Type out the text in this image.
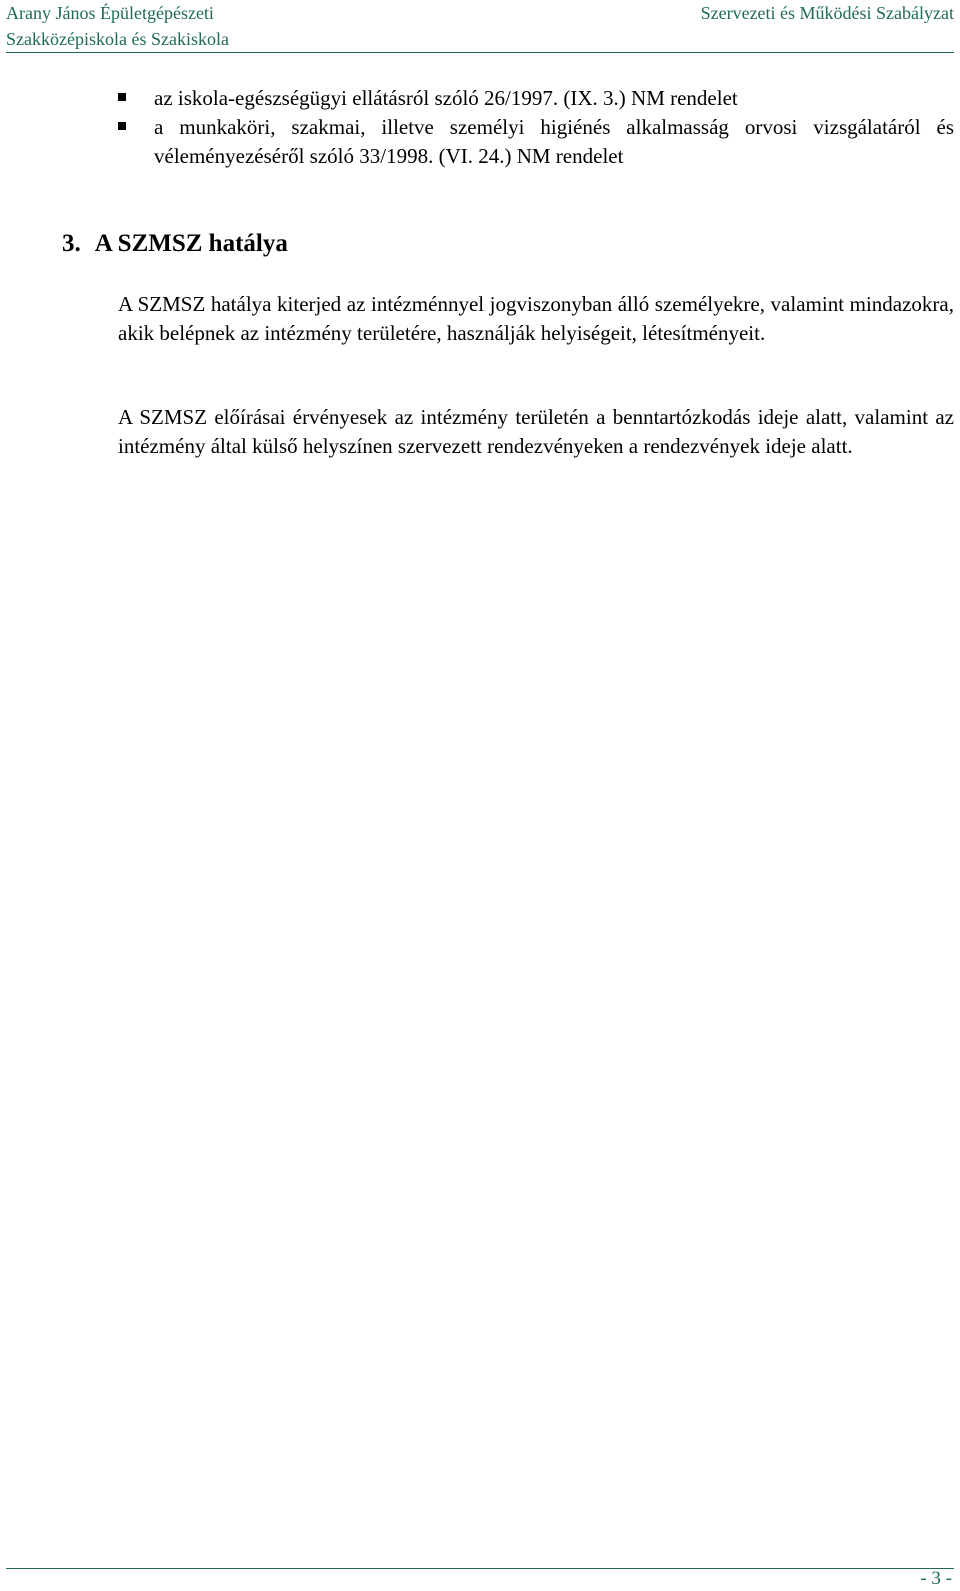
Arany János Épületgépészeti
Szakközépiskola és Szakiskola
Szervezeti és Működési Szabályzat
az iskola-egészségügyi ellátásról szóló 26/1997. (IX. 3.) NM rendelet
a munkaköri, szakmai, illetve személyi higiénés alkalmasság orvosi vizsgálatáról és véleményezéséről szóló 33/1998. (VI. 24.) NM rendelet
3. A SZMSZ hatálya

A SZMSZ hatálya kiterjed az intézménnyel jogviszonyban álló személyekre, valamint mindazokra, akik belépnek az intézmény területére, használják helyiségeit, létesítményeit.

A SZMSZ előírásai érvényesek az intézmény területén a benntartózkodás ideje alatt, valamint az intézmény által külső helyszínen szervezett rendezvényeken a rendezvények ideje alatt.

- 3 -
